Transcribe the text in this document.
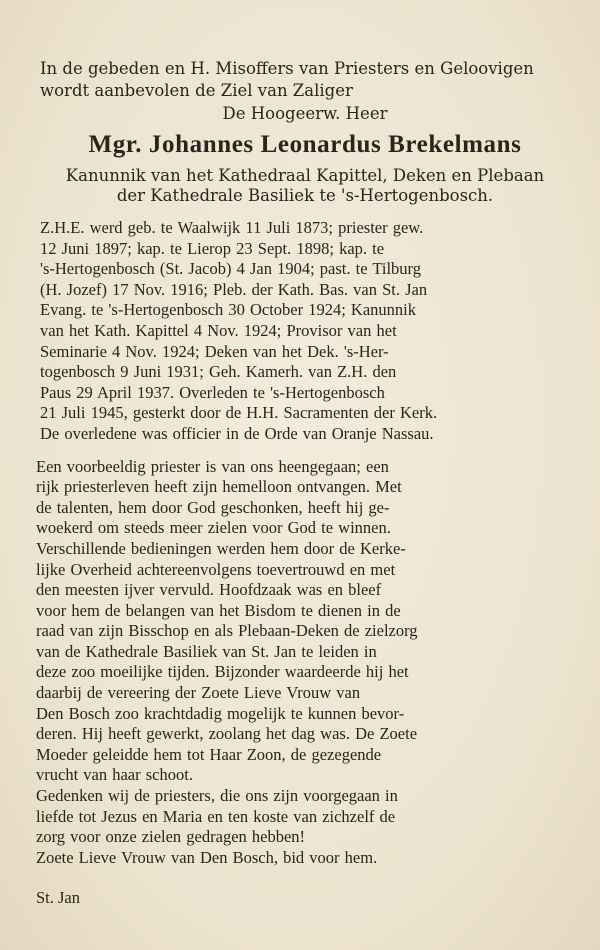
In de gebeden en H. Misoffers van Priesters en Geloovigen
wordt aanbevolen de Ziel van Zaliger

De Hoogeerw. Heer

Mgr. Johannes Leonardus Brekelmans

Kanunnik van het Kathedraal Kapittel, Deken en Plebaan

der Kathedrale Basiliek te 's-Hertogenbosch.

Z.H.E. werd geb. te Waalwijk 11 Juli 1873; priester gew.
12 Juni 1897; kap. te Lierop 23 Sept. 1898; kap. te
's-Hertogenbosch (St. Jacob) 4 Jan 1904; past. te Tilburg
(H. Jozef) 17 Nov. 1916; Pleb. der Kath. Bas. van St. Jan
Evang. te 's-Hertogenbosch 30 October 1924; Kanunnik
van het Kath. Kapittel 4 Nov. 1924; Provisor van het
Seminarie 4 Nov. 1924; Deken van het Dek. 's-Her-
togenbosch 9 Juni 1931; Geh. Kamerh. van Z.H. den
Paus 29 April 1937. Overleden te 's-Hertogenbosch
21 Juli 1945, gesterkt door de H.H. Sacramenten der Kerk.
De overledene was officier in de Orde van Oranje Nassau.
Een voorbeeldig priester is van ons heengegaan; een
rijk priesterleven heeft zijn hemelloon ontvangen. Met
de talenten, hem door God geschonken, heeft hij ge-
woekerd om steeds meer zielen voor God te winnen.
Verschillende bedieningen werden hem door de Kerke-
lijke Overheid achtereenvolgens toevertrouwd en met
den meesten ijver vervuld. Hoofdzaak was en bleef
voor hem de belangen van het Bisdom te dienen in de
raad van zijn Bisschop en als Plebaan-Deken de zielzorg
van de Kathedrale Basiliek van St. Jan te leiden in
deze zoo moeilijke tijden. Bijzonder waardeerde hij het
daarbij de vereering der Zoete Lieve Vrouw van
Den Bosch zoo krachtdadig mogelijk te kunnen bevor-
deren. Hij heeft gewerkt, zoolang het dag was. De Zoete
Moeder geleidde hem tot Haar Zoon, de gezegende
vrucht van haar schoot.
Gedenken wij de priesters, die ons zijn voorgegaan in
liefde tot Jezus en Maria en ten koste van zichzelf de
zorg voor onze zielen gedragen hebben!
Zoete Lieve Vrouw van Den Bosch, bid voor hem.

St. Jan
